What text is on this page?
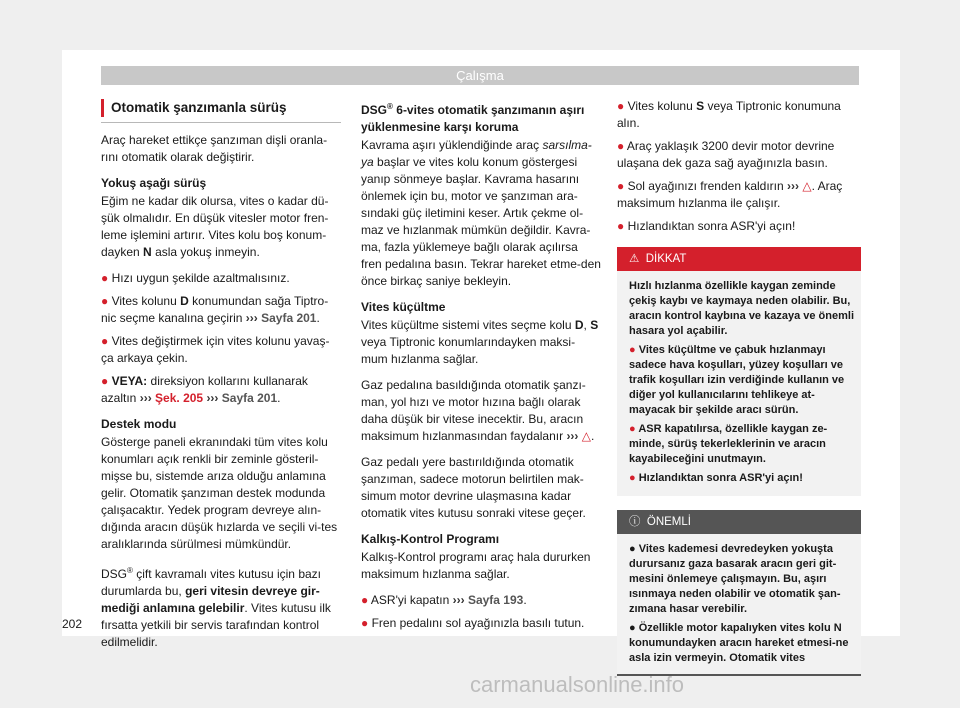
Çalışma
Otomatik şanzımanla sürüş

Araç hareket ettikçe şanzıman dişli oranla-rını otomatik olarak değiştirir.

Yokuş aşağı sürüş

Eğim ne kadar dik olursa, vites o kadar dü-şük olmalıdır. En düşük vitesler motor fren-leme işlemini artırır. Vites kolu boş konum-dayken N asla yokuş inmeyin.

● Hızı uygun şekilde azaltmalısınız.

● Vites kolunu D konumundan sağa Tiptro-nic seçme kanalına geçirin ››› Sayfa 201.

● Vites değiştirmek için vites kolunu yavaş-ça arkaya çekin.

● VEYA: direksiyon kollarını kullanarak azaltın ››› Şek. 205 ››› Sayfa 201.

Destek modu

Gösterge paneli ekranındaki tüm vites kolu konumları açık renkli bir zeminle gösteril-mişse bu, sistemde arıza olduğu anlamına gelir. Otomatik şanzıman destek modunda çalışacaktır. Yedek program devreye alın-dığında aracın düşük hızlarda ve seçili vi-tes aralıklarında sürülmesi mümkündür.

DSG® çift kavramalı vites kutusu için bazı durumlarda bu, geri vitesin devreye gir-mediği anlamına gelebilir. Vites kutusu ilk fırsatta yetkili bir servis tarafından kontrol edilmelidir.

DSG® 6-vites otomatik şanzımanın aşırı yüklenmesine karşı koruma

Kavrama aşırı yüklendiğinde araç sarsılma-ya başlar ve vites kolu konum göstergesi yanıp sönmeye başlar. Kavrama hasarını önlemek için bu, motor ve şanzıman ara-sındaki güç iletimini keser. Artık çekme ol-maz ve hızlanmak mümkün değildir. Kavra-ma, fazla yüklemeye bağlı olarak açılırsa fren pedalına basın. Tekrar hareket etme-den önce birkaç saniye bekleyin.

Vites küçültme

Vites küçültme sistemi vites seçme kolu D, S veya Tiptronic konumlarındayken maksi-mum hızlanma sağlar.

Gaz pedalına basıldığında otomatik şanzı-man, yol hızı ve motor hızına bağlı olarak daha düşük bir vitese inecektir. Bu, aracın maksimum hızlanmasından faydalanır ››› △.

Gaz pedalı yere bastırıldığında otomatik şanzıman, sadece motorun belirtilen mak-simum motor devrine ulaşmasına kadar otomatik vites kutusu sonraki vitese geçer.

Kalkış-Kontrol Programı

Kalkış-Kontrol programı araç hala dururken maksimum hızlanma sağlar.

● ASR'yi kapatın ››› Sayfa 193.

● Fren pedalını sol ayağınızla basılı tutun.

● Vites kolunu S veya Tiptronic konumuna alın.

● Araç yaklaşık 3200 devir motor devrine ulaşana dek gaza sağ ayağınızla basın.

● Sol ayağınızı frenden kaldırın ››› △. Araç maksimum hızlanma ile çalışır.

● Hızlandıktan sonra ASR'yi açın!

⚠ DİKKAT

Hızlı hızlanma özellikle kaygan zeminde çekiş kaybı ve kaymaya neden olabilir. Bu, aracın kontrol kaybına ve kazaya ve önemli hasara yol açabilir.

● Vites küçültme ve çabuk hızlanmayı sadece hava koşulları, yüzey koşulları ve trafik koşulları izin verdiğinde kullanın ve diğer yol kullanıcılarını tehlikeye at-mayacak bir şekilde aracı sürün.

● ASR kapatılırsa, özellikle kaygan ze-minde, sürüş tekerleklerinin ve aracın kayabileceğini unutmayın.

● Hızlandıktan sonra ASR'yi açın!

ⓘ ÖNEMLİ

● Vites kademesi devredeyken yokuşta durursanız gaza basarak aracın geri git-mesini önlemeye çalışmayın. Bu, aşırı ısınmaya neden olabilir ve otomatik şan-zımana hasar verebilir.

● Özellikle motor kapalıyken vites kolu N konumundayken aracın hareket etmesi-ne asla izin vermeyin. Otomatik vites

202
carmanualsonline.info
